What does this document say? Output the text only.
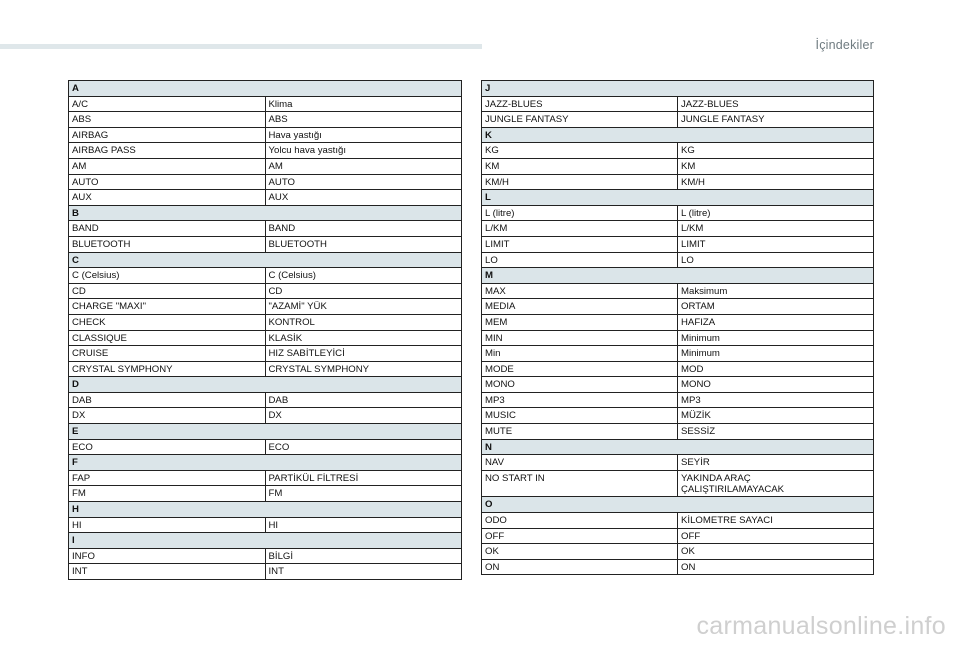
İçindekiler
A	
A/C	Klima
ABS	ABS
AIRBAG	Hava yastığı
AIRBAG PASS	Yolcu hava yastığı
AM	AM
AUTO	AUTO
AUX	AUX
B	
BAND	BAND
BLUETOOTH	BLUETOOTH
C	
C (Celsius)	C (Celsius)
CD	CD
CHARGE "MAXI"	"AZAMİ" YÜK
CHECK	KONTROL
CLASSIQUE	KLASİK
CRUISE	HIZ SABİTLEYİCİ
CRYSTAL SYMPHONY	CRYSTAL SYMPHONY
D	
DAB	DAB
DX	DX
E	
ECO	ECO
F	
FAP	PARTİKÜL FİLTRESİ
FM	FM
H	
HI	HI
I	
INFO	BİLGİ
INT	INT
J	
JAZZ-BLUES	JAZZ-BLUES
JUNGLE FANTASY	JUNGLE FANTASY
K	
KG	KG
KM	KM
KM/H	KM/H
L	
L (litre)	L (litre)
L/KM	L/KM
LIMIT	LIMIT
LO	LO
M	
MAX	Maksimum
MEDIA	ORTAM
MEM	HAFIZA
MIN	Minimum
Min	Minimum
MODE	MOD
MONO	MONO
MP3	MP3
MUSIC	MÜZİK
MUTE	SESSİZ
N	
NAV	SEYİR
NO START IN	YAKINDA ARAÇ
ÇALIŞTIRILAMAYACAK
O	
ODO	KİLOMETRE SAYACI
OFF	OFF
OK	OK
ON	ON
carmanualsonline.info
